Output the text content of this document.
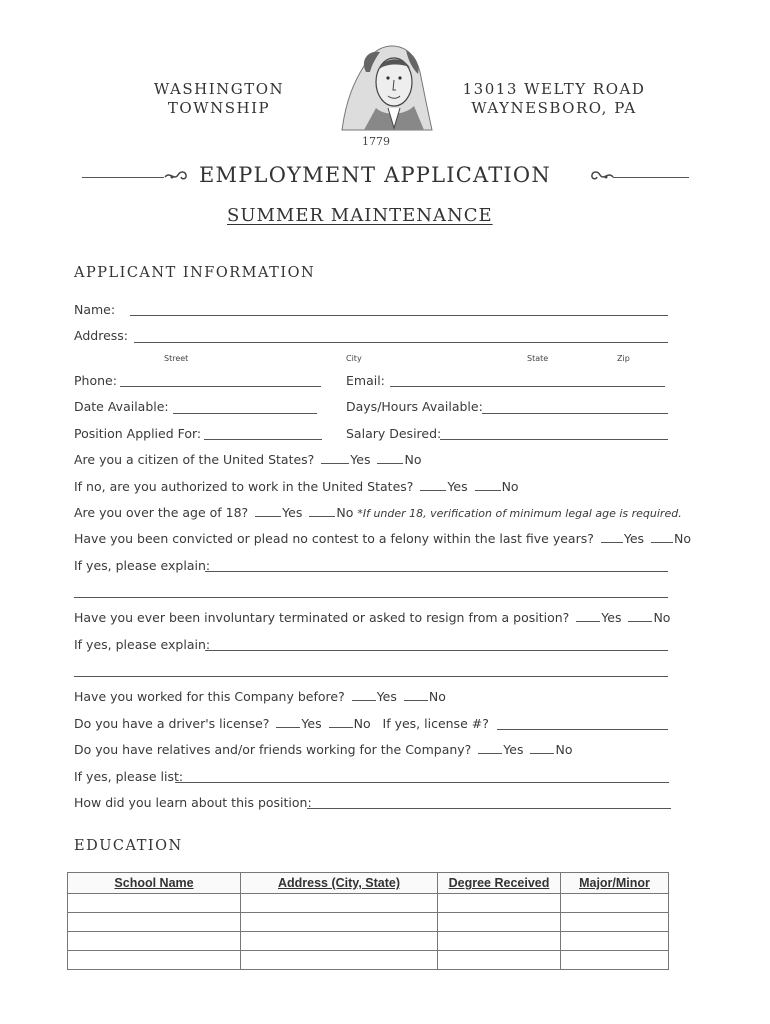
WASHINGTON
TOWNSHIP
1779
13013 WELTY ROAD
WAYNESBORO, PA
EMPLOYMENT APPLICATION
SUMMER MAINTENANCE
APPLICANT INFORMATION
Name:
Address:
Street	City	State	Zip
Phone:	Email:
Date Available:	Days/Hours Available:
Position Applied For:	Salary Desired:
Are you a citizen of the United States?	Yes	No
If no, are you authorized to work in the United States?	Yes	No
Are you over the age of 18?	Yes	No *If under 18, verification of minimum legal age is required.
Have you been convicted or plead no contest to a felony within the last five years? Yes No
If yes, please explain:
Have you ever been involuntary terminated or asked to resign from a position?	Yes	No
If yes, please explain:
Have you worked for this Company before?	Yes	No
Do you have a driver's license?	Yes	No If yes, license #?
Do you have relatives and/or friends working for the Company?	Yes	No
If yes, please list:
How did you learn about this position:
EDUCATION
School Name	Address (City, State)	Degree Received	Major/Minor
